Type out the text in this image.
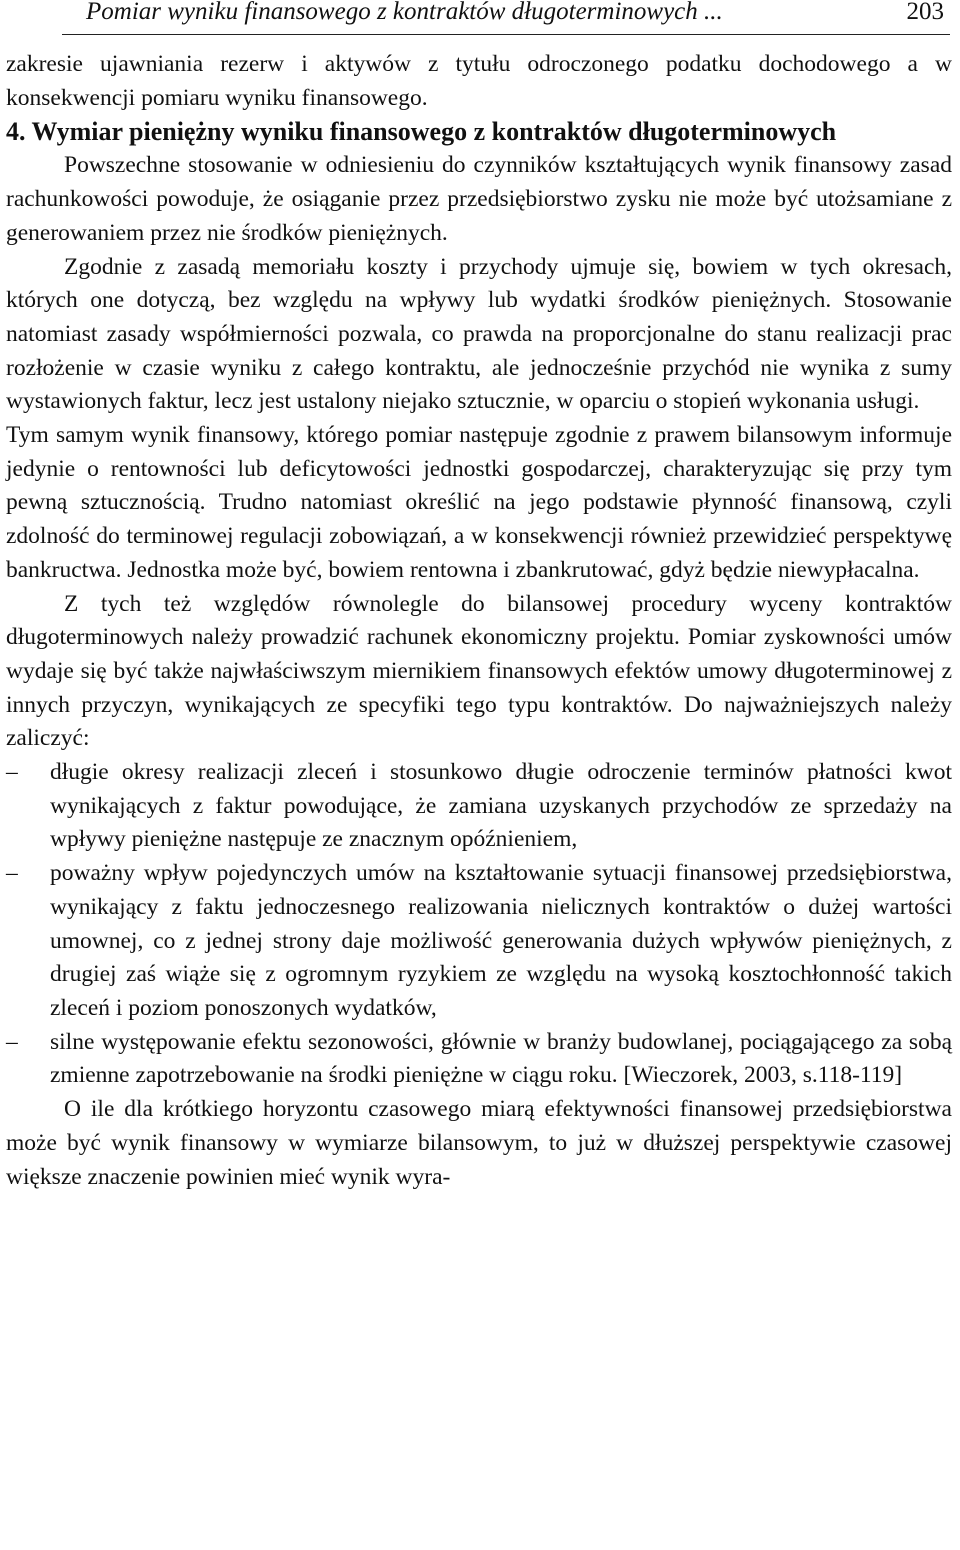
Pomiar wyniku finansowego z kontraktów długoterminowych ...	203

zakresie ujawniania rezerw i aktywów z tytułu odroczonego podatku dochodowego a w konsekwencji pomiaru wyniku finansowego.

4. Wymiar pieniężny wyniku finansowego z kontraktów długoterminowych

Powszechne stosowanie w odniesieniu do czynników kształtujących wynik finansowy zasad rachunkowości powoduje, że osiąganie przez przedsiębiorstwo zysku nie może być utożsamiane z generowaniem przez nie środków pieniężnych.

Zgodnie z zasadą memoriału koszty i przychody ujmuje się, bowiem w tych okresach, których one dotyczą, bez względu na wpływy lub wydatki środków pieniężnych. Stosowanie natomiast zasady współmierności pozwala, co prawda na proporcjonalne do stanu realizacji prac rozłożenie w czasie wyniku z całego kontraktu, ale jednocześnie przychód nie wynika z sumy wystawionych faktur, lecz jest ustalony niejako sztucznie, w oparciu o stopień wykonania usługi.

Tym samym wynik finansowy, którego pomiar następuje zgodnie z prawem bilansowym informuje jedynie o rentowności lub deficytowości jednostki gospodarczej, charakteryzując się przy tym pewną sztucznością. Trudno natomiast określić na jego podstawie płynność finansową, czyli zdolność do terminowej regulacji zobowiązań, a w konsekwencji również przewidzieć perspektywę bankructwa. Jednostka może być, bowiem rentowna i zbankrutować, gdyż będzie niewypłacalna.

Z tych też względów równolegle do bilansowej procedury wyceny kontraktów długoterminowych należy prowadzić rachunek ekonomiczny projektu. Pomiar zyskowności umów wydaje się być także najwłaściwszym miernikiem finansowych efektów umowy długoterminowej z innych przyczyn, wynikających ze specyfiki tego typu kontraktów. Do najważniejszych należy zaliczyć:

– długie okresy realizacji zleceń i stosunkowo długie odroczenie terminów płatności kwot wynikających z faktur powodujące, że zamiana uzyskanych przychodów ze sprzedaży na wpływy pieniężne następuje ze znacznym opóźnieniem,
– poważny wpływ pojedynczych umów na kształtowanie sytuacji finansowej przedsiębiorstwa, wynikający z faktu jednoczesnego realizowania nielicznych kontraktów o dużej wartości umownej, co z jednej strony daje możliwość generowania dużych wpływów pieniężnych, z drugiej zaś wiąże się z ogromnym ryzykiem ze względu na wysoką kosztochłonność takich zleceń i poziom ponoszonych wydatków,
– silne występowanie efektu sezonowości, głównie w branży budowlanej, pociągającego za sobą zmienne zapotrzebowanie na środki pieniężne w ciągu roku. [Wieczorek, 2003, s.118-119]

O ile dla krótkiego horyzontu czasowego miarą efektywności finansowej przedsiębiorstwa może być wynik finansowy w wymiarze bilansowym, to już w dłuższej perspektywie czasowej większe znaczenie powinien mieć wynik wyra-
